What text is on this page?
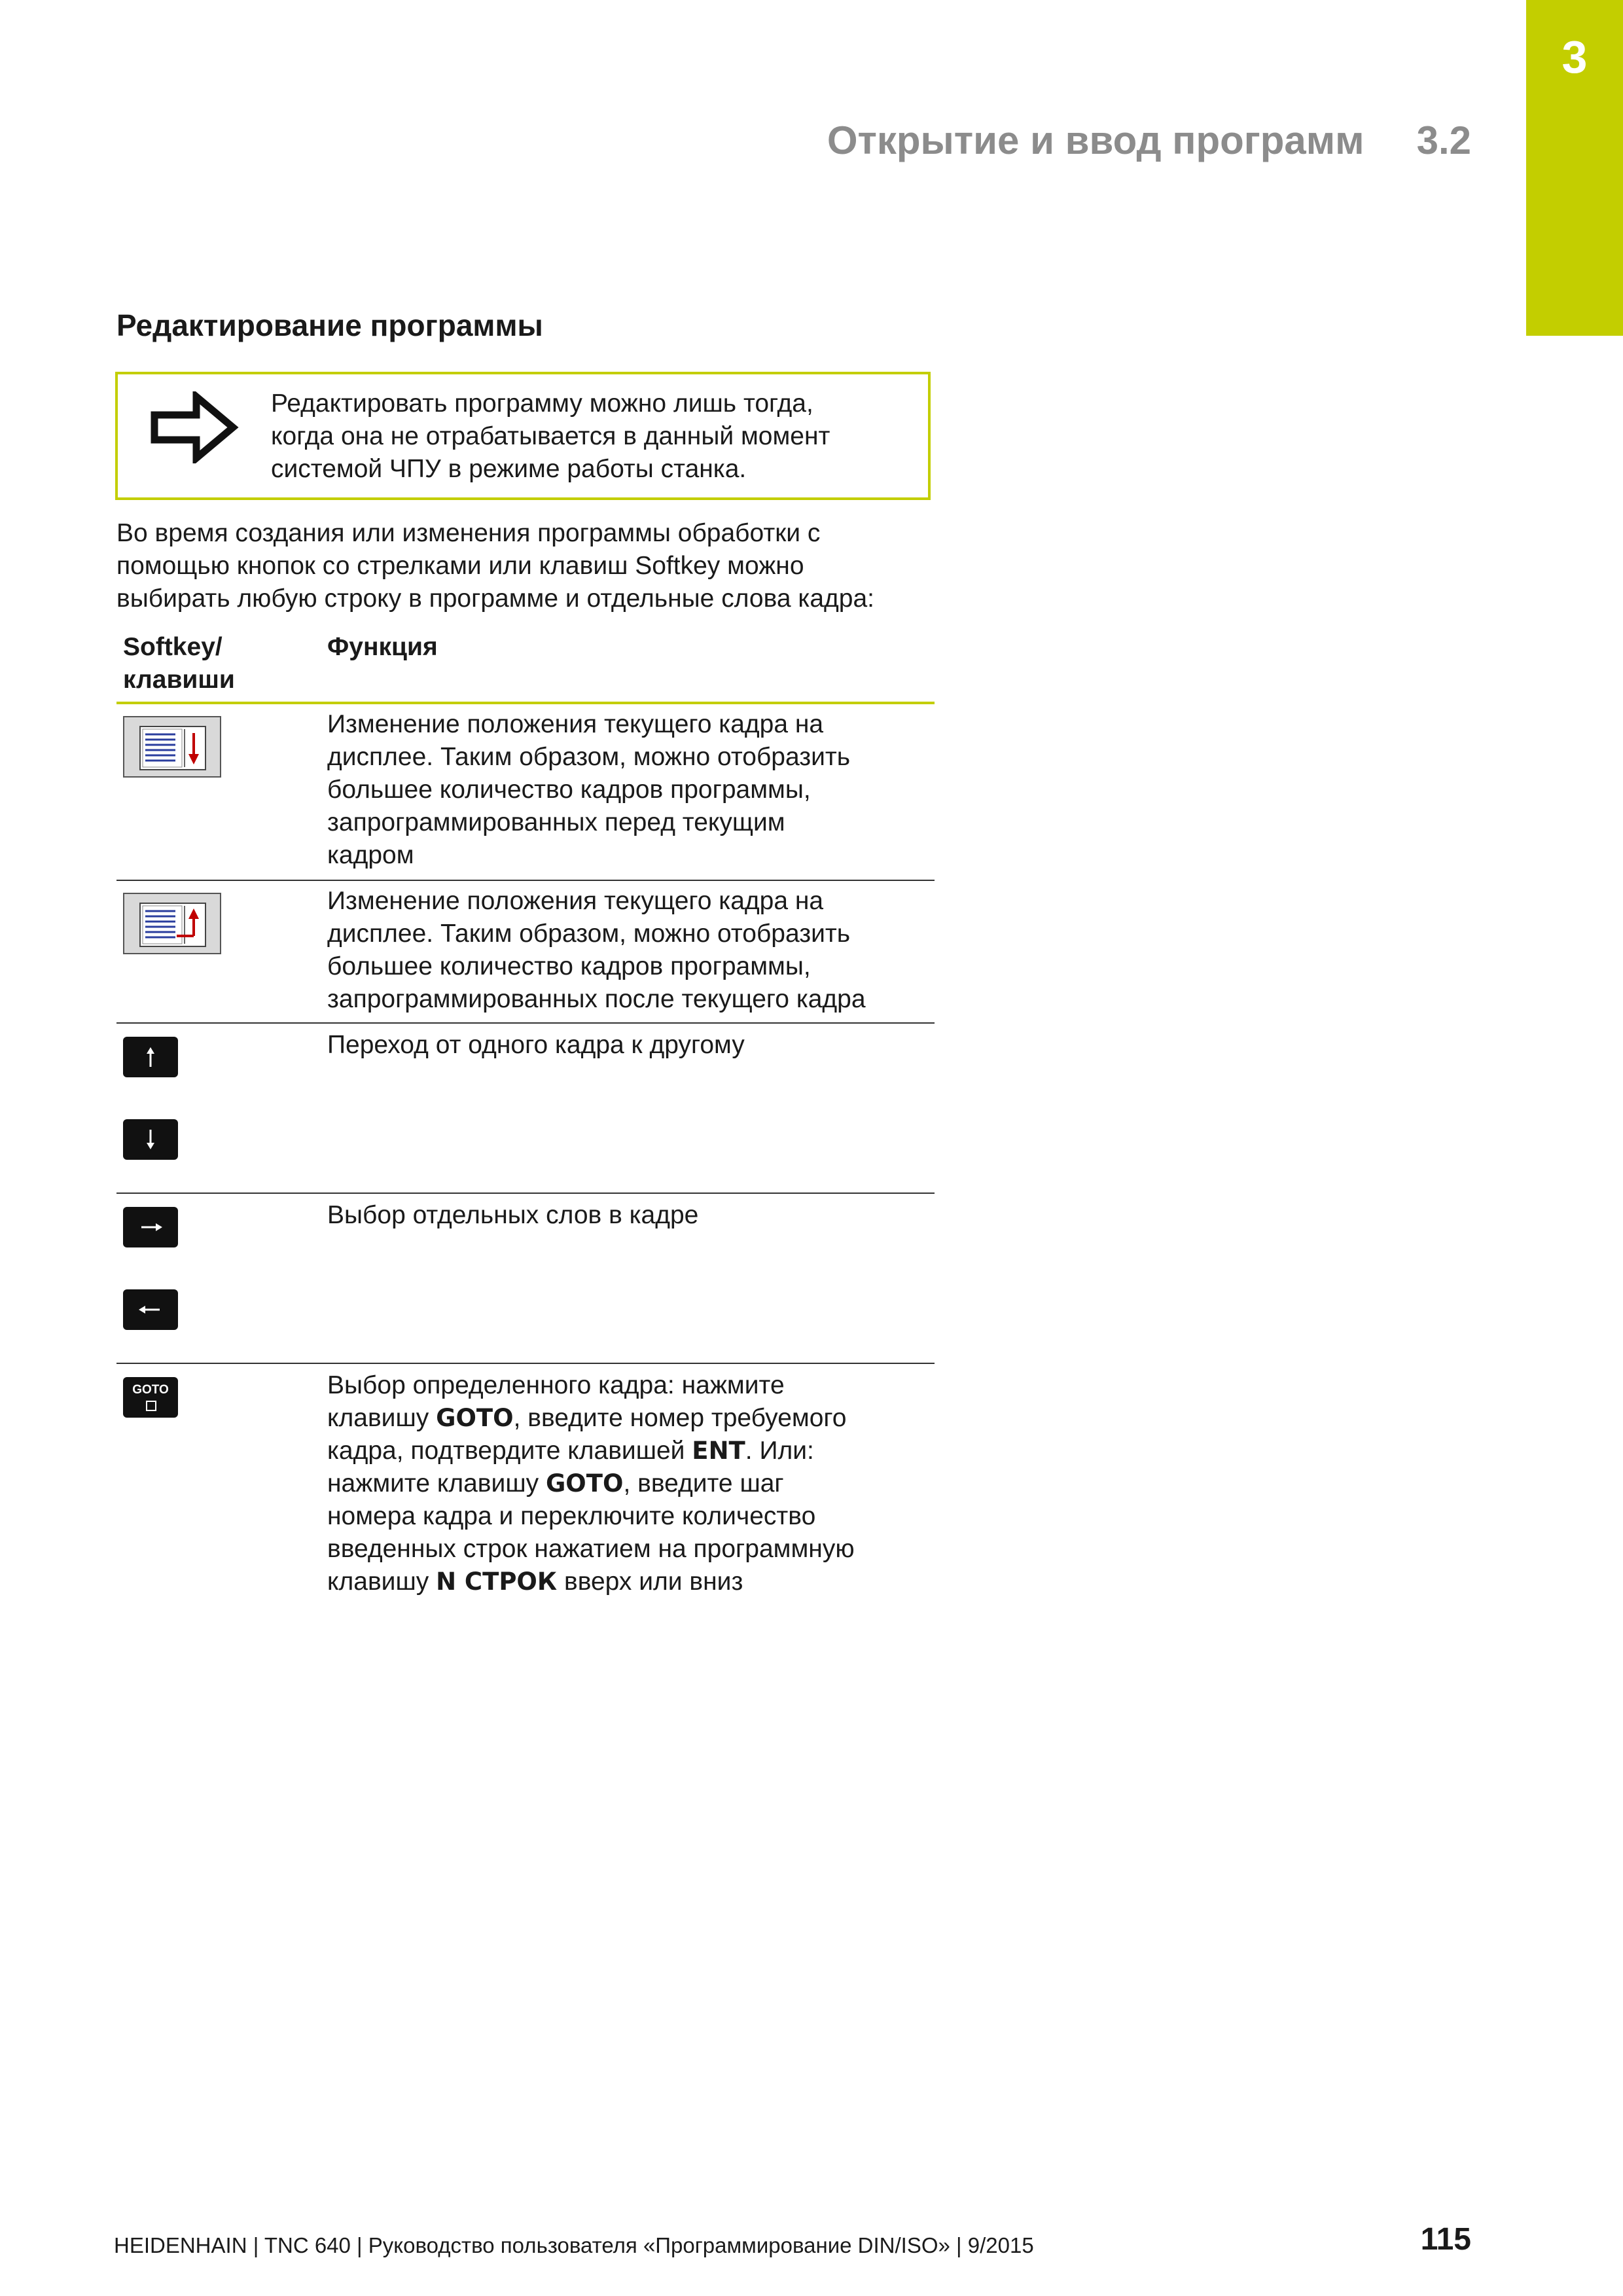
3
Открытие и ввод программ 3.2
Редактирование программы
Редактировать программу можно лишь тогда,
когда она не отрабатывается в данный момент
системой ЧПУ в режиме работы станка.
Во время создания или изменения программы обработки с
помощью кнопок со стрелками или клавиш Softkey можно
выбирать любую строку в программе и отдельные слова кадра:
Softkey/
клавиши
Функция
Изменение положения текущего кадра на
дисплее. Таким образом, можно отобразить
большее количество кадров программы,
запрограммированных перед текущим
кадром
Изменение положения текущего кадра на
дисплее. Таким образом, можно отобразить
большее количество кадров программы,
запрограммированных после текущего кадра
Переход от одного кадра к другому
Выбор отдельных слов в кадре
GOTO	Выбор определенного кадра: нажмите
клавишу GOTO, введите номер требуемого
кадра, подтвердите клавишей ENT. Или:
нажмите клавишу GOTO, введите шаг
номера кадра и переключите количество
введенных строк нажатием на программную
клавишу N СТРОК вверх или вниз
HEIDENHAIN | TNC 640 | Руководство пользователя «Программирование DIN/ISO» | 9/2015	115
